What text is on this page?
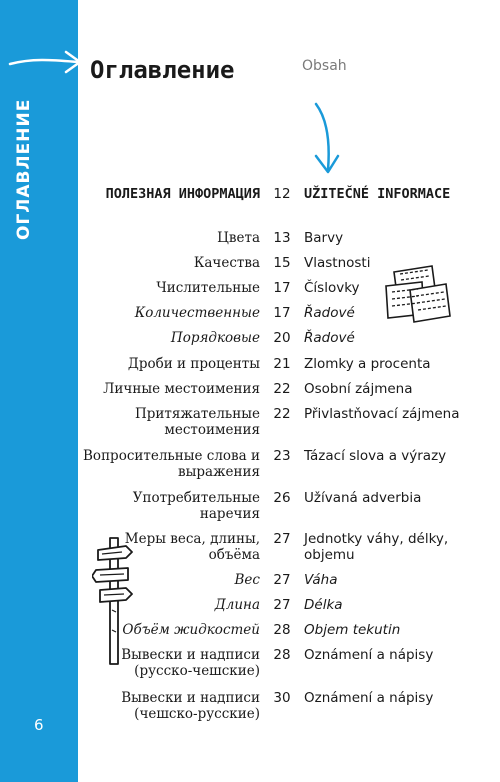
ОГЛАВЛЕНИЕ
6
Оглавление	Obsah
ПОЛЕЗНАЯ ИНФОРМАЦИЯ 12 UŽITEČNÉ INFORMACE
Цвета 13 Barvy
Качества 15 Vlastnosti
Числительные 17 Číslovky
Количественные 17 Řadové
Порядковые 20 Řadové
Дроби и проценты 21 Zlomky a procenta
Личные местоимения 22 Osobní zájmena
Притяжательные местоимения
22 Přivlastňovací zájmena
Вопросительные слова и выражения
23 Tázací slova a výrazy
Употребительные наречия
26 Užívaná adverbia
Меры веса, длины, объёма
27 Jednotky váhy, délky, objemu
Вес 27 Váha
Длина 27 Délka
Объём жидкостей 28 Objem tekutin
Вывески и надписи (русско-чешские)
28 Oznámení a nápisy
Вывески и надписи (чешско-русские)
30 Oznámení a nápisy
